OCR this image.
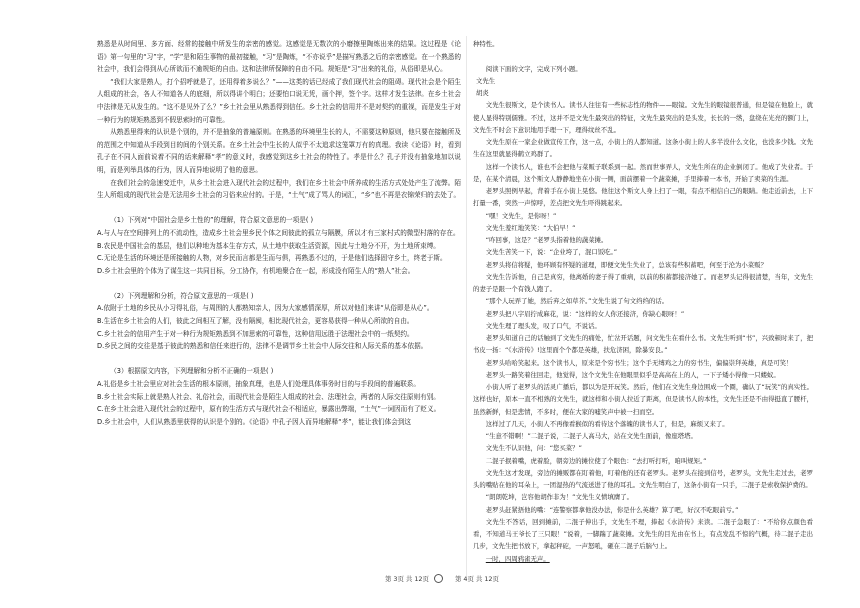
熟悉是从时间里、多方面、经常的接触中所发生的亲密的感觉。这感觉是无数次的小磨擦里陶炼出来的结果。这过程是《论语》第一句里的“习”字，“学”是和陌生事物的最初接触，“习”是陶炼，“不亦说乎”是描写熟悉之后的亲密感觉。在一个熟悉的社会中，我们会得到从心所欲而不逾规矩的自由。这和法律所保障的自由不同。规矩是“习”出来的礼俗，从俗即是从心。

“我们大家是熟人，打个招呼就是了，还用得着多说么？”——这类的话已经成了我们现代社会的阻碍。现代社会是个陌生人组成的社会，各人不知道各人的底细，所以得讲个明白；还要怕口说无凭，画个押，签个字。这样才发生法律。在乡土社会中法律是无从发生的。“这不是见外了么？”乡土社会里从熟悉得到信任。乡土社会的信用并不是对契约的重视，而是发生于对一种行为的规矩熟悉到不假思索时的可靠性。

从熟悉里得来的认识是个别的，并不是抽象的普遍原则。在熟悉的环境里生长的人，不需要这种原则，他只要在接触所及的范围之中知道从手段到目的间的个别关系。在乡土社会中生长的人似乎不太追求这笼罩万有的真理。我读《论语》时，看到孔子在不同人面前说着不同的话来解释“孝”的意义时，我感觉到这乡土社会的特性了。孝是什么？孔子并没有抽象地加以说明，而是列举具体的行为，因人而异地说明了他的意思。

在我们社会的急速变迁中，从乡土社会进入现代社会的过程中，我们在乡土社会中所养成的生活方式处处产生了流弊。陌生人所组成的现代社会是无法用乡土社会的习俗来应付的。于是，“土气”成了骂人的词汇，“乡”也不再是衣锦荣归的去处了。

（1）下列对“中国社会是乡土性的”的理解，符合原文意思的一项是( )

A.与人与在空间排列上的不流动性，造成乡土社会里乡民个体之间彼此的孤立与隔膜，所以才有三家村式的微型村落的存在。

B.农民是中国社会的基层，他们以种地为基本生存方式，从土地中获取生活资源，因此与土地分不开，为土地所束缚。

C.无论是生活的环境还是所接触的人物，对乡民而言都是生而与俱，再熟悉不过的，于是他们选择固守乡土，终老于斯。

D.乡土社会里的个体为了谋生这一共同目标，分工协作，有机地聚合在一起，形成没有陌生人的“熟人”社会。

（2）下列理解和分析，符合原文意思的一项是( )

A.依附于土地的乡民从小习得礼俗，与周围的人都熟知亲人，因为大家感情深厚，所以对他们来讲“从俗即是从心”。

B.生活在乡土社会的人们，彼此之间相互了解，没有隔阂，相比现代社会，更容易获得一种从心所欲的自由。

C.乡土社会的信用产生于对一种行为规矩熟悉到不加思索的可靠性，这种信用远胜于法理社会中的一纸契约。

D.乡民之间的交往是基于彼此的熟悉和信任来进行的，法律不是调节乡土社会中人际交往和人际关系的基本依据。

（3）根据原文内容，下列理解和分析不正确的一项是( )

A.礼俗是乡土社会里应对社会生活的根本原则，抽象真理，也是人们处理具体事务时目的与手段间的普遍联系。

B.乡土社会实际上就是熟人社会、礼俗社会，而现代社会是陌生人组成的社会、法理社会，两者的人际交往原则有别。

C.在乡土社会进入现代社会的过程中，原有的生活方式与现代社会不相适应，暴露出弊端，“土气”一词因而有了贬义。

D.乡土社会中，人们从熟悉里获得的认识是个别的。《论语》中孔子因人而异地解释“孝”，能让我们体会到这

种特性。

阅读下面的文字，完成下列小题。

文先生

胡炎

文先生很斯文，是个读书人。读书人往往有一些标志性的物件——眼镜。文先生的眼镜很普通，但是镜在他脸上，就使人显得特别儒雅。不过，这并不是文先生最突出的特征，文先生最突出的是头发，长长的一绺，盘绕在光亮的额门上，文先生不时会下意识地用手理一下，理得纹丝不乱。

文先生原在一家企业做宣传工作，这一点，小街上的人都知道。这条小街上的人多半没什么文化，也没多少钱。文先生在这里就显得鹤立鸡群了。

这样一个读书人，谁也不会把他与菜贩子联系到一起。然而世事弄人，文先生所在的企业倒闭了。他成了失业者。于是，在某个清晨，这个斯文人静静地坐在小街一侧，面前摆着一个蔬菜摊，手里捧着一本书，开始了卖菜的生涯。

老罗头照例早起，背着手在小街上晃悠。他往这个斯文人身上扫了一眼，有点不相信自己的眼睛。他走近前去，上下打量一番，突然一声惊呼，差点把文先生吓得跳起来。

“嘿！文先生，是你呀！”

文先生羞红地笑笑：“大伯早！”

“咋回事，这是？”老罗头指着他的蔬菜摊。

文先生苦笑一下，说：“企业垮了，混口饭吃。”

老罗头将信将疑，他环顾有怀疑的道理，即便文先生失业了，总该有些积蓄吧，何至于沦为小菜贩？

文先生告诉他，自己是真穷，他离婚的妻子得了重病，以前的积蓄都接济她了。而老罗头记得很清楚，当年，文先生的妻子是跟一个有钱人跑了。

“那个人玩弄了她，然后弃之如草芥。”文先生说了句文绉绉的话。

老罗头把八字眉拧成麻花，说：“这样的女人你还接济，你缺心眼呀！”

文先生理了理头发，叹了口气，不说话。

老罗头知道自己的话触到了文先生的痛处，忙岔开话题，问文先生在看什么书。文先生听到“书”，兴致顿时来了，把书皮一扬：“《水浒传》!这里面个个都是英雄，扶危济困，除暴安良。”

老罗头哈哈笑起来。这个读书人，原来是个穷书生；这个手无缚鸡之力的穷书生，偏偏崇拜英雄，真是可笑！

老罗头一路笑着往回走，他觉得，这个文先生在他眼里似乎是高高在上的人，一下子矮小得像一只蝼蚁。

小街人听了老罗头的活灵广播后，都以为是开玩笑。然后，他们在文先生身边围成一个圈，确认了“玩笑”的真实性。这样也好，原本一直不相熟的文先生，就这样和小街人拉近了距离，但是读书人的本性，文先生还是不由得挺直了腰杆，虽然新鲜，但是悲情，不多时，便在大家的嘘笑声中被一扫而空。

这样过了几天，小街人不再像看猴似的看待这个落魄的读书人了，但是，麻烦又来了。

“生意不错啊！”二混子说，二混子人高马大，站在文先生面前，像座塔塔。

文先生不认识他，问：“您买菜？”

二混子抿着嘴，虎着脸，朝旁边的摊位使了个眼色：“去打听打听，咱叫规矩。”

文先生这才发现，旁边的摊贩都在盯着他，叮着他的还有老罗头。老罗头在接到信号，老罗头，文先生走过去，老罗头的嘴贴在他的耳朵上，一团湿热的气流送进了他的耳孔。文先生明白了，这条小街有一只手，二混子是索收保护费的。

“朗朗乾坤，岂容他胡作非为！”文先生义愤填膺了。

老罗头赶紧捂他的嘴：“连警察都拿他没办法，你是什么英雄？算了吧，好汉不吃眼前亏。”

文先生不答话，回到摊前，二混子伸出手，文先生不理，捧起《水浒传》来读。二混子急眼了：“不给你点颜色看看，不知道马王爷长了三只眼！”说着，一脚踹了蔬菜摊。文先生的目光由在书上，有点发乱不惊的气概，待二混子走出几步，文先生把书放下，拿起秤砣，一声怒吼，砸在二混子后脑勺上。

一时，四周鸦雀无声。

第 3页 共 12页	第 4页 共 12页
